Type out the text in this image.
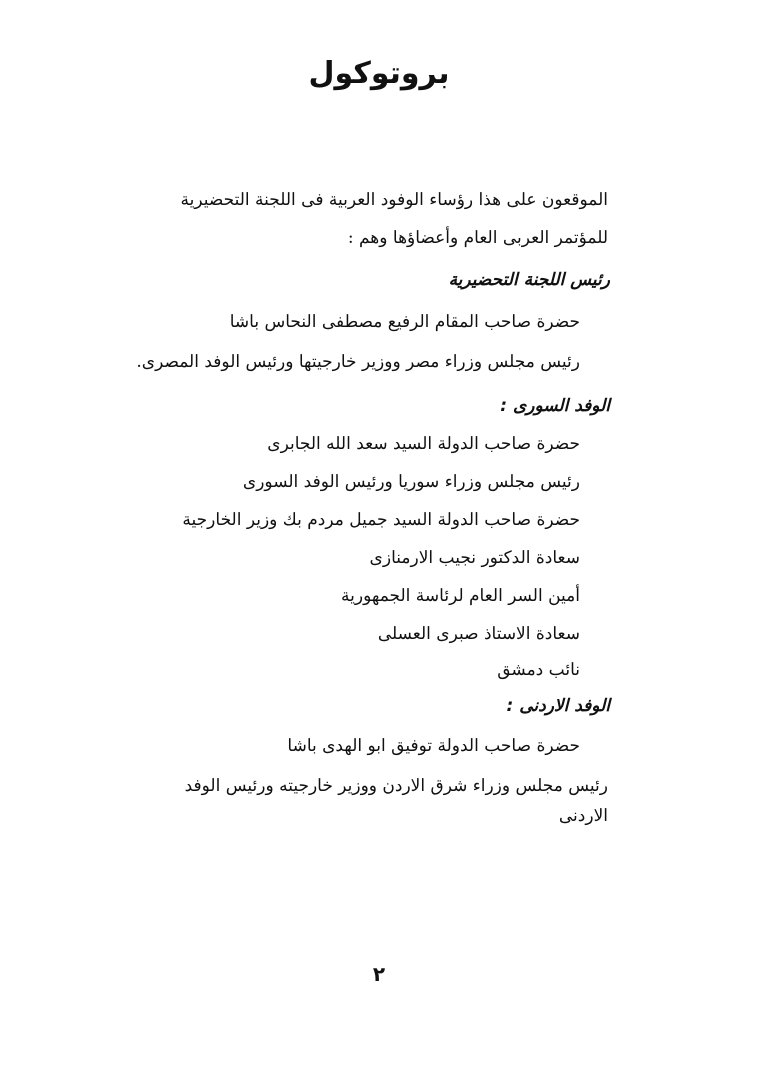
بروتوكول
الموقعون على هذا رؤساء الوفود العربية فى اللجنة التحضيرية
للمؤتمر العربى العام وأعضاؤها وهم :
رئيس اللجنة التحضيرية
حضرة صاحب المقام الرفيع مصطفى النحاس باشا
رئيس مجلس وزراء مصر ووزير خارجيتها ورئيس الوفد المصرى.
الوفد السورى :
حضرة صاحب الدولة السيد سعد الله الجابرى
رئيس مجلس وزراء سوريا ورئيس الوفد السورى
حضرة صاحب الدولة السيد جميل مردم بك وزير الخارجية
سعادة الدكتور نجيب الارمنازى
أمين السر العام لرئاسة الجمهورية
سعادة الاستاذ صبرى العسلى
نائب دمشق
الوفد الاردنى :
حضرة صاحب الدولة توفيق ابو الهدى باشا
رئيس مجلس وزراء شرق الاردن ووزير خارجيته ورئيس الوفد
الاردنى
٢
